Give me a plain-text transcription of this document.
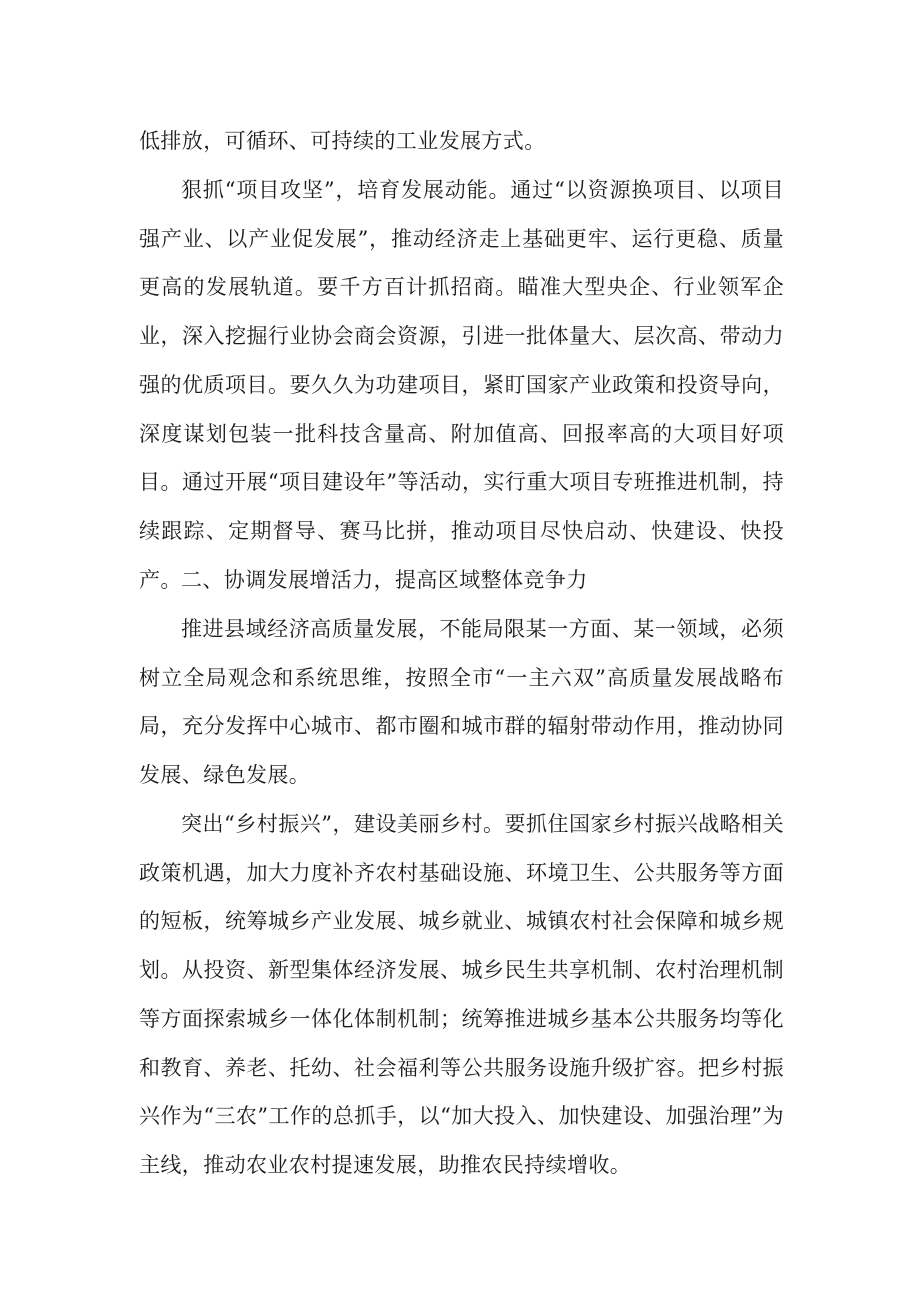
低排放，可循环、可持续的工业发展方式。

狠抓“项目攻坚”，培育发展动能。通过“以资源换项目、以项目强产业、以产业促发展”，推动经济走上基础更牢、运行更稳、质量更高的发展轨道。要千方百计抓招商。瞄准大型央企、行业领军企业，深入挖掘行业协会商会资源，引进一批体量大、层次高、带动力强的优质项目。要久久为功建项目，紧盯国家产业政策和投资导向，深度谋划包装一批科技含量高、附加值高、回报率高的大项目好项目。通过开展“项目建设年”等活动，实行重大项目专班推进机制，持续跟踪、定期督导、赛马比拼，推动项目尽快启动、快建设、快投产。 二、协调发展增活力，提高区域整体竞争力

推进县域经济高质量发展，不能局限某一方面、某一领域，必须树立全局观念和系统思维，按照全市“一主六双”高质量发展战略布局，充分发挥中心城市、都市圈和城市群的辐射带动作用，推动协同发展、绿色发展。

突出“乡村振兴”，建设美丽乡村。要抓住国家乡村振兴战略相关政策机遇，加大力度补齐农村基础设施、环境卫生、公共服务等方面的短板，统筹城乡产业发展、城乡就业、城镇农村社会保障和城乡规划。从投资、新型集体经济发展、城乡民生共享机制、农村治理机制等方面探索城乡一体化体制机制；统筹推进城乡基本公共服务均等化和教育、养老、托幼、社会福利等公共服务设施升级扩容。把乡村振兴作为“三农”工作的总抓手，以“加大投入、加快建设、加强治理”为主线，推动农业农村提速发展，助推农民持续增收。
